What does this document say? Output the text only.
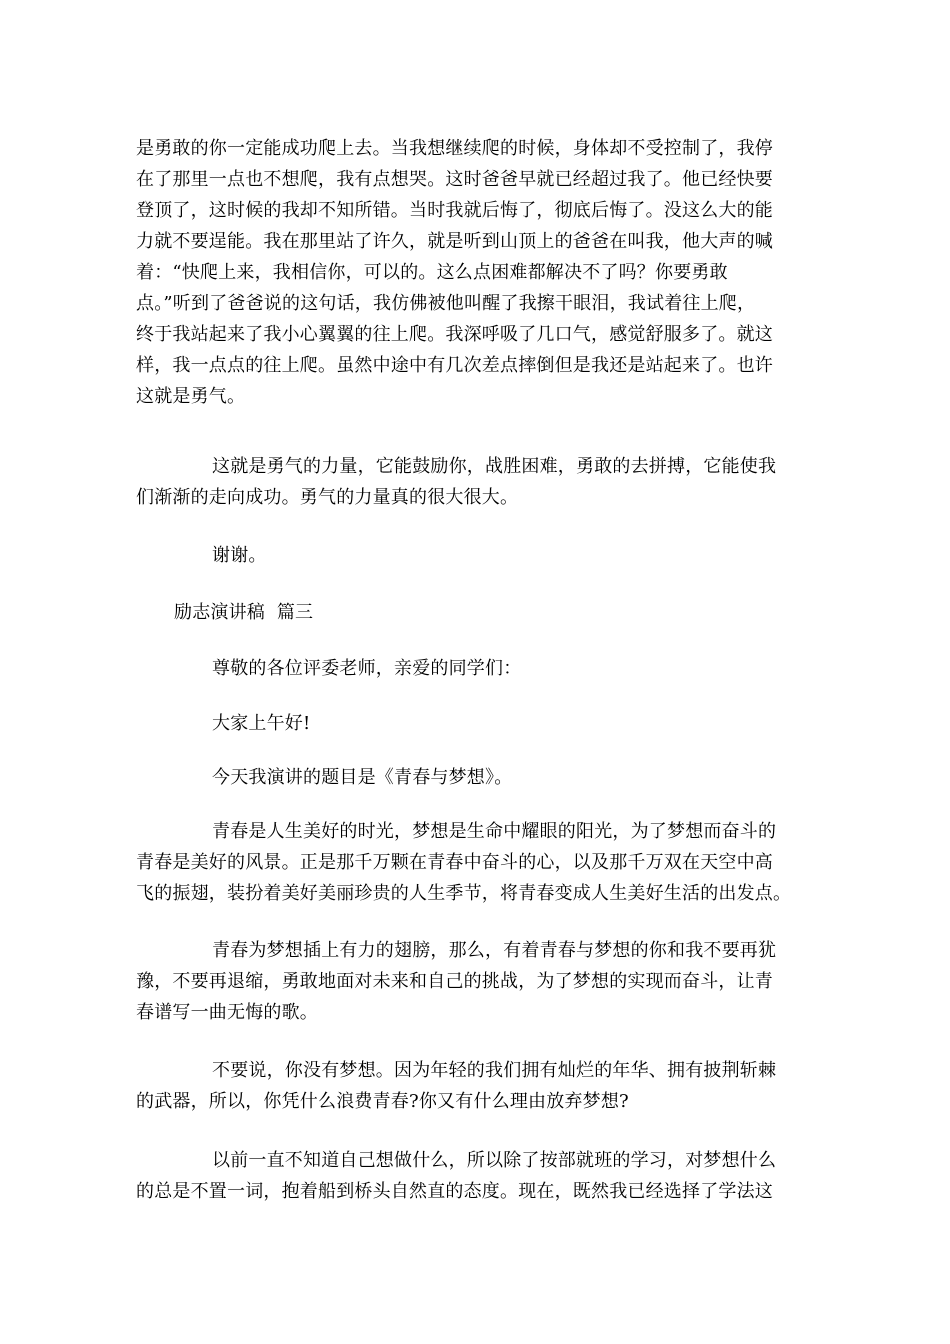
是勇敢的你一定能成功爬上去。当我想继续爬的时候，身体却不受控制了，我停
在了那里一点也不想爬，我有点想哭。这时爸爸早就已经超过我了。他已经快要
登顶了，这时候的我却不知所错。当时我就后悔了，彻底后悔了。没这么大的能
力就不要逞能。我在那里站了许久，就是听到山顶上的爸爸在叫我，他大声的喊
着：“快爬上来，我相信你，可以的。这么点困难都解决不了吗？你要勇敢
点。”听到了爸爸说的这句话，我仿佛被他叫醒了我擦干眼泪，我试着往上爬，
终于我站起来了我小心翼翼的往上爬。我深呼吸了几口气，感觉舒服多了。就这
样，我一点点的往上爬。虽然中途中有几次差点摔倒但是我还是站起来了。也许
这就是勇气。
这就是勇气的力量，它能鼓励你，战胜困难，勇敢的去拼搏，它能使我
们渐渐的走向成功。勇气的力量真的很大很大。
谢谢。
励志演讲稿  篇三
尊敬的各位评委老师，亲爱的同学们：
大家上午好!
今天我演讲的题目是《青春与梦想》。
青春是人生美好的时光，梦想是生命中耀眼的阳光，为了梦想而奋斗的
青春是美好的风景。正是那千万颗在青春中奋斗的心，以及那千万双在天空中高
飞的振翅，装扮着美好美丽珍贵的人生季节，将青春变成人生美好生活的出发点。
青春为梦想插上有力的翅膀，那么，有着青春与梦想的你和我不要再犹
豫，不要再退缩，勇敢地面对未来和自己的挑战，为了梦想的实现而奋斗，让青
春谱写一曲无悔的歌。
不要说，你没有梦想。因为年轻的我们拥有灿烂的年华、拥有披荆斩棘
的武器，所以，你凭什么浪费青春?你又有什么理由放弃梦想?
以前一直不知道自己想做什么，所以除了按部就班的学习，对梦想什么
的总是不置一词，抱着船到桥头自然直的态度。现在，既然我已经选择了学法这
